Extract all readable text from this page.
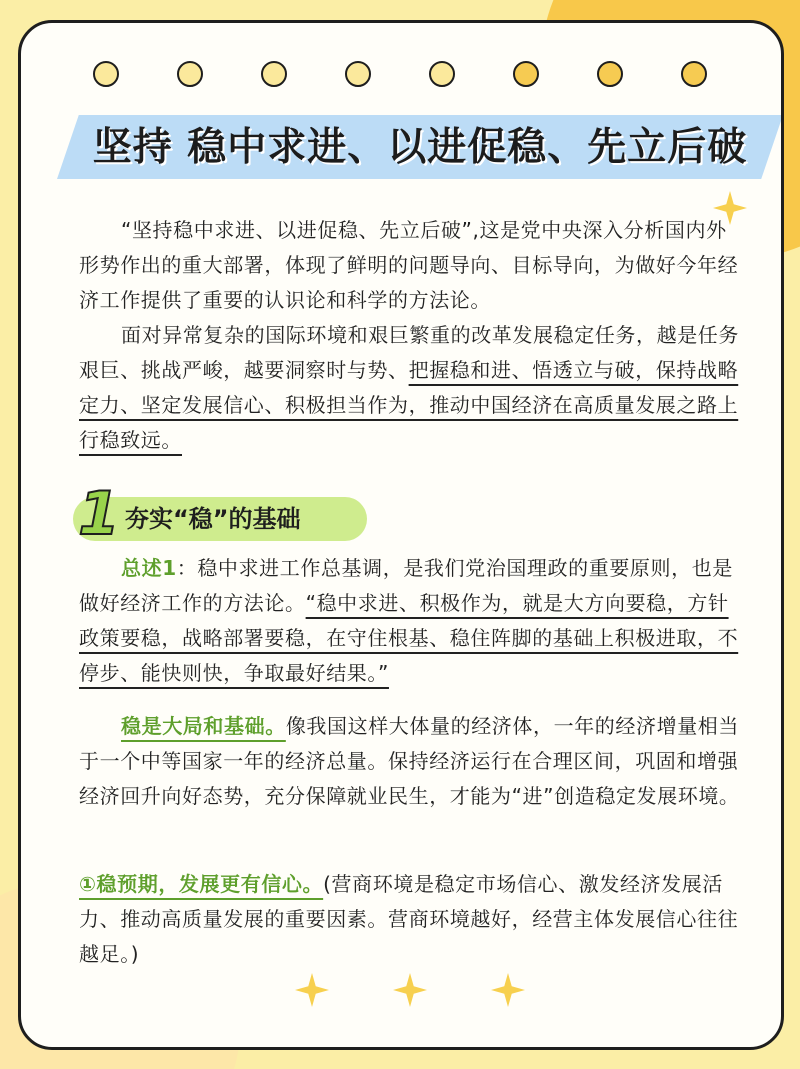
坚持 稳中求进、以进促稳、先立后破

“坚持稳中求进、以进促稳、先立后破”,这是党中央深入分析国内外形势作出的重大部署，体现了鲜明的问题导向、目标导向，为做好今年经济工作提供了重要的认识论和科学的方法论。

面对异常复杂的国际环境和艰巨繁重的改革发展稳定任务，越是任务艰巨、挑战严峻，越要洞察时与势、把握稳和进、悟透立与破，保持战略定力、坚定发展信心、积极担当作为，推动中国经济在高质量发展之路上行稳致远。

1 夯实“稳”的基础

总述1：稳中求进工作总基调，是我们党治国理政的重要原则，也是做好经济工作的方法论。“稳中求进、积极作为，就是大方向要稳，方针政策要稳，战略部署要稳，在守住根基、稳住阵脚的基础上积极进取，不停步、能快则快，争取最好结果。”

稳是大局和基础。像我国这样大体量的经济体，一年的经济增量相当于一个中等国家一年的经济总量。保持经济运行在合理区间，巩固和增强经济回升向好态势，充分保障就业民生，才能为“进”创造稳定发展环境。

①稳预期，发展更有信心。(营商环境是稳定市场信心、激发经济发展活力、推动高质量发展的重要因素。营商环境越好，经营主体发展信心往往越足。)
